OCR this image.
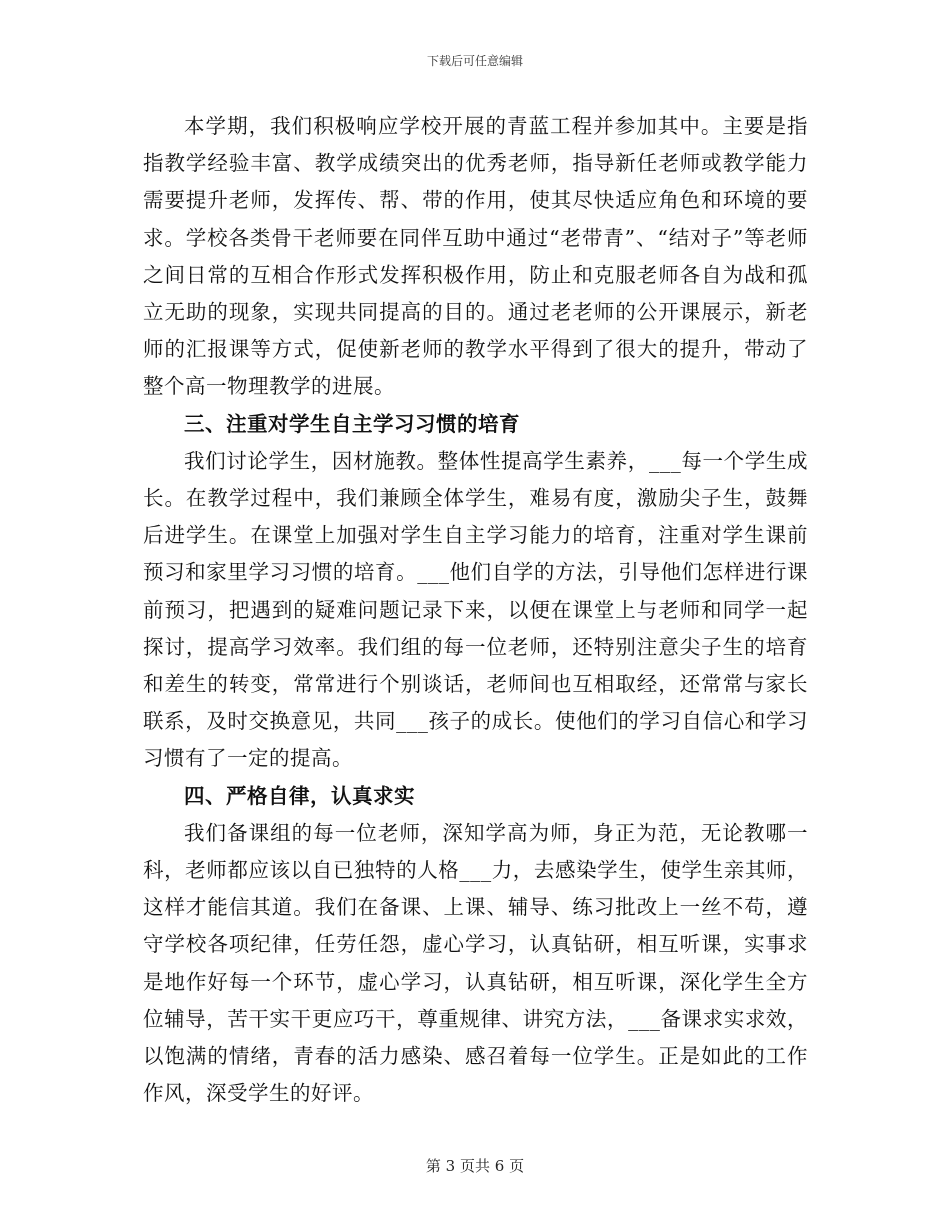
下载后可任意编辑

本学期，我们积极响应学校开展的青蓝工程并参加其中。主要是指指教学经验丰富、教学成绩突出的优秀老师，指导新任老师或教学能力需要提升老师，发挥传、帮、带的作用，使其尽快适应角色和环境的要求。学校各类骨干老师要在同伴互助中通过“老带青”、“结对子”等老师之间日常的互相合作形式发挥积极作用，防止和克服老师各自为战和孤立无助的现象，实现共同提高的目的。通过老老师的公开课展示，新老师的汇报课等方式，促使新老师的教学水平得到了很大的提升，带动了整个高一物理教学的进展。

三、注重对学生自主学习习惯的培育

我们讨论学生，因材施教。整体性提高学生素养，___每一个学生成长。在教学过程中，我们兼顾全体学生，难易有度，激励尖子生，鼓舞后进学生。在课堂上加强对学生自主学习能力的培育，注重对学生课前预习和家里学习习惯的培育。___他们自学的方法，引导他们怎样进行课前预习，把遇到的疑难问题记录下来，以便在课堂上与老师和同学一起探讨，提高学习效率。我们组的每一位老师，还特别注意尖子生的培育和差生的转变，常常进行个别谈话，老师间也互相取经，还常常与家长联系，及时交换意见，共同___孩子的成长。使他们的学习自信心和学习习惯有了一定的提高。

四、严格自律，认真求实

我们备课组的每一位老师，深知学高为师，身正为范，无论教哪一科，老师都应该以自已独特的人格___力，去感染学生，使学生亲其师，这样才能信其道。我们在备课、上课、辅导、练习批改上一丝不苟，遵守学校各项纪律，任劳任怨，虚心学习，认真钻研，相互听课，实事求是地作好每一个环节，虚心学习，认真钻研，相互听课，深化学生全方位辅导，苦干实干更应巧干，尊重规律、讲究方法，___备课求实求效，以饱满的情绪，青春的活力感染、感召着每一位学生。正是如此的工作作风，深受学生的好评。

第 3 页共 6 页
